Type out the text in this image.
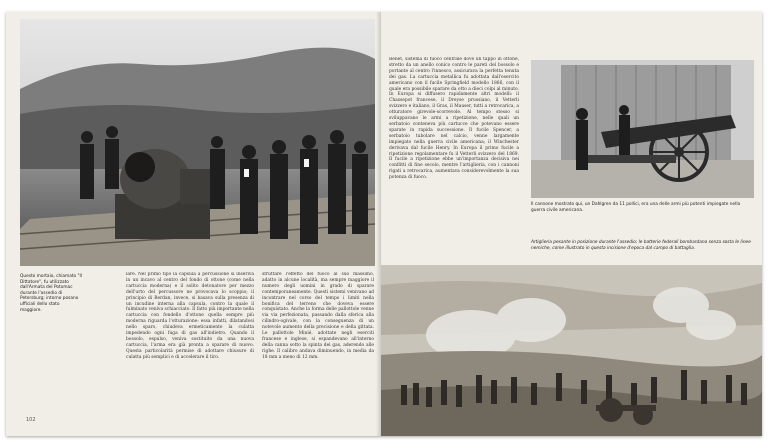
Questo mortaio, chiamato "Il Dittatore", fu utilizzato dall'Armata del Potomac durante l'assedio di Petersburg; intorno posano ufficiali dello stato maggiore.
lare. Nel primo tipo la capsula a percussione si inseriva in un incavo al centro del fondo di ottone (come nella cartuccia moderna) e il solito detonatore per mezzo dell'urto del percussore ne provocava lo scoppio; il principio di Berdan, invece, si basava sulla presenza di un incudine interna alla capsula, contro la quale il fulminato veniva schiacciato. Il fatto più importante nella cartuccia con fondello d'ottone quella sempre più moderna riguarda l'otturazione: essa infatti, dilatandosi nello sparo, chiudeva ermeticamente la culatta impedendo ogni fuga di gas all'indietro. Quando il bossolo, espulso, veniva sostituito da una nuova cartuccia, l'arma era già pronta a sparare di nuovo. Questa particolarità permise di adottare chiusure di culatta più semplici e di accelerare il tiro.
sfruttare l'effetto del fuoco al suo massimo, adatto in alcune località, ma sempre maggiore il numero degli uomini in grado di sparare contemporaneamente. Questi sistemi venivano ad incontrare nel corso del tempo i limiti nella bonifica del terreno che doveva essere conquistato. Anche la forma delle pallottole venne via via perfezionata, passando dalla sferica alla cilindro-ogivale, con la conseguenza di un notevole aumento della precisione e della gittata. Le pallottole Minié, adottate negli eserciti francese e inglese, si espandevano all'interno della canna sotto la spinta dei gas, aderendo alle righe. Il calibro andava diminuendo, in media da 18 mm a meno di 12 mm.
102
Benét, sistema di fuoco centrale dove un tappo in ottone, stretto da un anello conico contro le pareti del bossolo e portante al centro l'innesco, assicurava la perfetta tenuta dei gas. La cartuccia metallica fu adottata dall'esercito americano con il fucile Springfield modello 1866, con il quale era possibile sparare da otto a dieci colpi al minuto. In Europa si diffusero rapidamente altri modelli: il Chassepot francese, il Dreyse prussiano, il Vetterli svizzero e italiano, il Gras, il Mauser, tutti a retrocarica, a otturatore girevole-scorrevole. Al tempo stesso si sviluppavano le armi a ripetizione, nelle quali un serbatoio conteneva più cartucce che potevano essere sparate in rapida successione. Il fucile Spencer, a serbatoio tubolare nel calcio, venne largamente impiegato nella guerra civile americana; il Winchester derivava dal fucile Henry. In Europa il primo fucile a ripetizione regolamentare fu il Vetterli svizzero del 1869. Il fucile a ripetizione ebbe un'importanza decisiva nei conflitti di fine secolo, mentre l'artiglieria, con i cannoni rigati a retrocarica, aumentava considerevolmente la sua potenza di fuoco.
Il cannone mostrato qui, un Dahlgren da 11 pollici, era una delle armi più potenti impiegate nella guerra civile americana.
Artiglieria pesante in posizione durante l'assedio; le batterie federali bombardano senza sosta le linee nemiche, come illustrato in questa incisione d'epoca dal campo di battaglia.
